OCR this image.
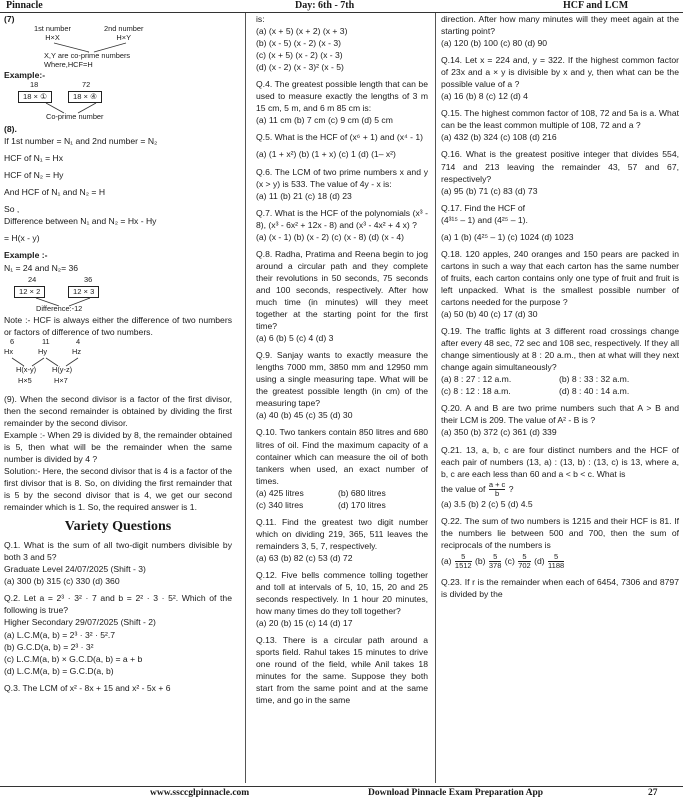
Pinnacle	Day: 6th - 7th	HCF and LCM

(7)

1st number
H×X
2nd number
H×Y
X,Y are co-prime numbers
Where,HCF=H

Example:-

18	72
18 × ①	18 × ④
Co-prime number

(8).

If 1st number = N₁ and 2nd number = N₂

HCF of N₁ = Hx

HCF of N₂ = Hy

And HCF of N₁ and N₂ = H

So ,

Difference between N₁ and N₂ = Hx - Hy

= H(x - y)

Example :-

N₁ = 24 and N₂= 36

24	36
12 × 2	12 × 3
Difference:-12

Note :- HCF is always either the difference of two numbers or factors of difference of two numbers.

6	11	4
Hx	Hy	Hz
H(x-y) H(y-z)
H×5	H×7

(9). When the second divisor is a factor of the first divisor, then the second remainder is obtained by dividing the first remainder by the second divisor.

Example :- When 29 is divided by 8, the remainder obtained is 5, then what will be the remainder when the same number is divided by 4 ?

Solution:- Here, the second divisor that is 4 is a factor of the first divisor that is 8. So, on dividing the first remainder that is 5 by the second divisor that is 4, we get our second remainder which is 1. So, the required answer is 1.

Variety Questions

Q.1. What is the sum of all two-digit numbers divisible by both 3 and 5?

Graduate Level 24/07/2025 (Shift - 3)

(a) 300 (b) 315 (c) 330 (d) 360

Q.2. Let a = 2³ · 3² · 7 and b = 2² · 3 · 5². Which of the following is true?

Higher Secondary 29/07/2025 (Shift - 2)

(a) L.C.M(a, b) = 2³ · 3² · 5².7

(b) G.C.D(a, b) = 2³ · 3²

(c) L.C.M(a, b) × G.C.D(a, b) = a + b

(d) L.C.M(a, b) = G.C.D(a, b)

Q.3. The LCM of x² - 8x + 15 and x² - 5x + 6

is:

(a) (x + 5) (x + 2) (x + 3)

(b) (x - 5) (x - 2) (x - 3)

(c) (x + 5) (x - 2) (x - 3)

(d) (x - 2) (x - 3)² (x - 5)

Q.4. The greatest possible length that can be used to measure exactly the lengths of 3 m 15 cm, 5 m, and 6 m 85 cm is:

(a) 11 cm (b) 7 cm (c) 9 cm (d) 5 cm

Q.5. What is the HCF of (x⁶ + 1) and (x⁴ - 1)

(a) (1 + x²) (b) (1 + x) (c) 1 (d) (1– x²)

Q.6. The LCM of two prime numbers x and y (x > y) is 533. The value of 4y - x is:

(a) 11 (b) 21 (c) 18 (d) 23

Q.7. What is the HCF of the polynomials (x³ - 8), (x³ - 6x² + 12x - 8) and (x³ - 4x² + 4 x) ?

(a) (x - 1) (b) (x - 2) (c) (x - 8) (d) (x - 4)

Q.8. Radha, Pratima and Reena begin to jog around a circular path and they complete their revolutions in 50 seconds, 75 seconds and 100 seconds, respectively. After how much time (in minutes) will they meet together at the starting point for the first time?

(a) 6 (b) 5 (c) 4 (d) 3

Q.9. Sanjay wants to exactly measure the lengths 7000 mm, 3850 mm and 12950 mm using a single measuring tape. What will be the greatest possible length (in cm) of the measuring tape?

(a) 40 (b) 45 (c) 35 (d) 30

Q.10. Two tankers contain 850 litres and 680 litres of oil. Find the maximum capacity of a container which can measure the oil of both tankers when used, an exact number of times.

(a) 425 litres	(b) 680 litres
(c) 340 litres	(d) 170 litres

Q.11. Find the greatest two digit number which on dividing 219, 365, 511 leaves the remainders 3, 5, 7, respectively.

(a) 63 (b) 82 (c) 53 (d) 72

Q.12. Five bells commence tolling together and toll at intervals of 5, 10, 15, 20 and 25 seconds respectively. In 1 hour 20 minutes, how many times do they toll together?

(a) 20 (b) 15 (c) 14 (d) 17

Q.13. There is a circular path around a sports field. Rahul takes 15 minutes to drive one round of the field, while Anil takes 18 minutes for the same. Suppose they both start from the same point and at the same time, and go in the same

direction. After how many minutes will they meet again at the starting point?

(a) 120 (b) 100 (c) 80 (d) 90

Q.14. Let x = 224 and, y = 322. If the highest common factor of 23x and a × y is divisible by x and y, then what can be the possible value of a ?

(a) 16 (b) 8 (c) 12 (d) 4

Q.15. The highest common factor of 108, 72 and 5a is a. What can be the least common multiple of 108, 72 and a ?

(a) 432 (b) 324 (c) 108 (d) 216

Q.16. What is the greatest positive integer that divides 554, 714 and 213 leaving the remainder 43, 57 and 67, respectively?

(a) 95 (b) 71 (c) 83 (d) 73

Q.17. Find the HCF of

(4³¹⁵ – 1) and (4²⁵ – 1).

(a) 1 (b) (4²⁵ – 1) (c) 1024 (d) 1023

Q.18. 120 apples, 240 oranges and 150 pears are packed in cartons in such a way that each carton has the same number of fruits, each carton contains only one type of fruit and fruit is left unpacked. What is the smallest possible number of cartons needed for the purpose ?

(a) 50 (b) 40 (c) 17 (d) 30

Q.19. The traffic lights at 3 different road crossings change after every 48 sec, 72 sec and 108 sec, respectively. If they all change simentiously at 8 : 20 a.m., then at what will they next change again simultaneously?

(a) 8 : 27 : 12 a.m.	(b) 8 : 33 : 32 a.m.
(c) 8 : 12 : 18 a.m.	(d) 8 : 40 : 14 a.m.

Q.20. A and B are two prime numbers such that A > B and their LCM is 209. The value of A² - B is ?

(a) 350 (b) 372 (c) 361 (d) 339

Q.21. 13, a, b, c are four distinct numbers and the HCF of each pair of numbers (13, a) : (13, b) : (13, c) is 13, where a, b, c are each less than 60 and a < b < c. What is

the value of $\frac{a + c}{b}$ ?

(a) 3.5 (b) 2 (c) 5 (d) 4.5

Q.22. The sum of two numbers is 1215 and their HCF is 81. If the numbers lie between 500 and 700, then the sum of reciprocals of the numbers is

$(a) \frac{5}{1512} (b) \frac{5}{378} (c) \frac{5}{702} (d) \frac{5}{1188}$

Q.23. If r is the remainder when each of 6454, 7306 and 8797 is divided by the

www.ssccglpinnacle.com	Download Pinnacle Exam Preparation App	27
